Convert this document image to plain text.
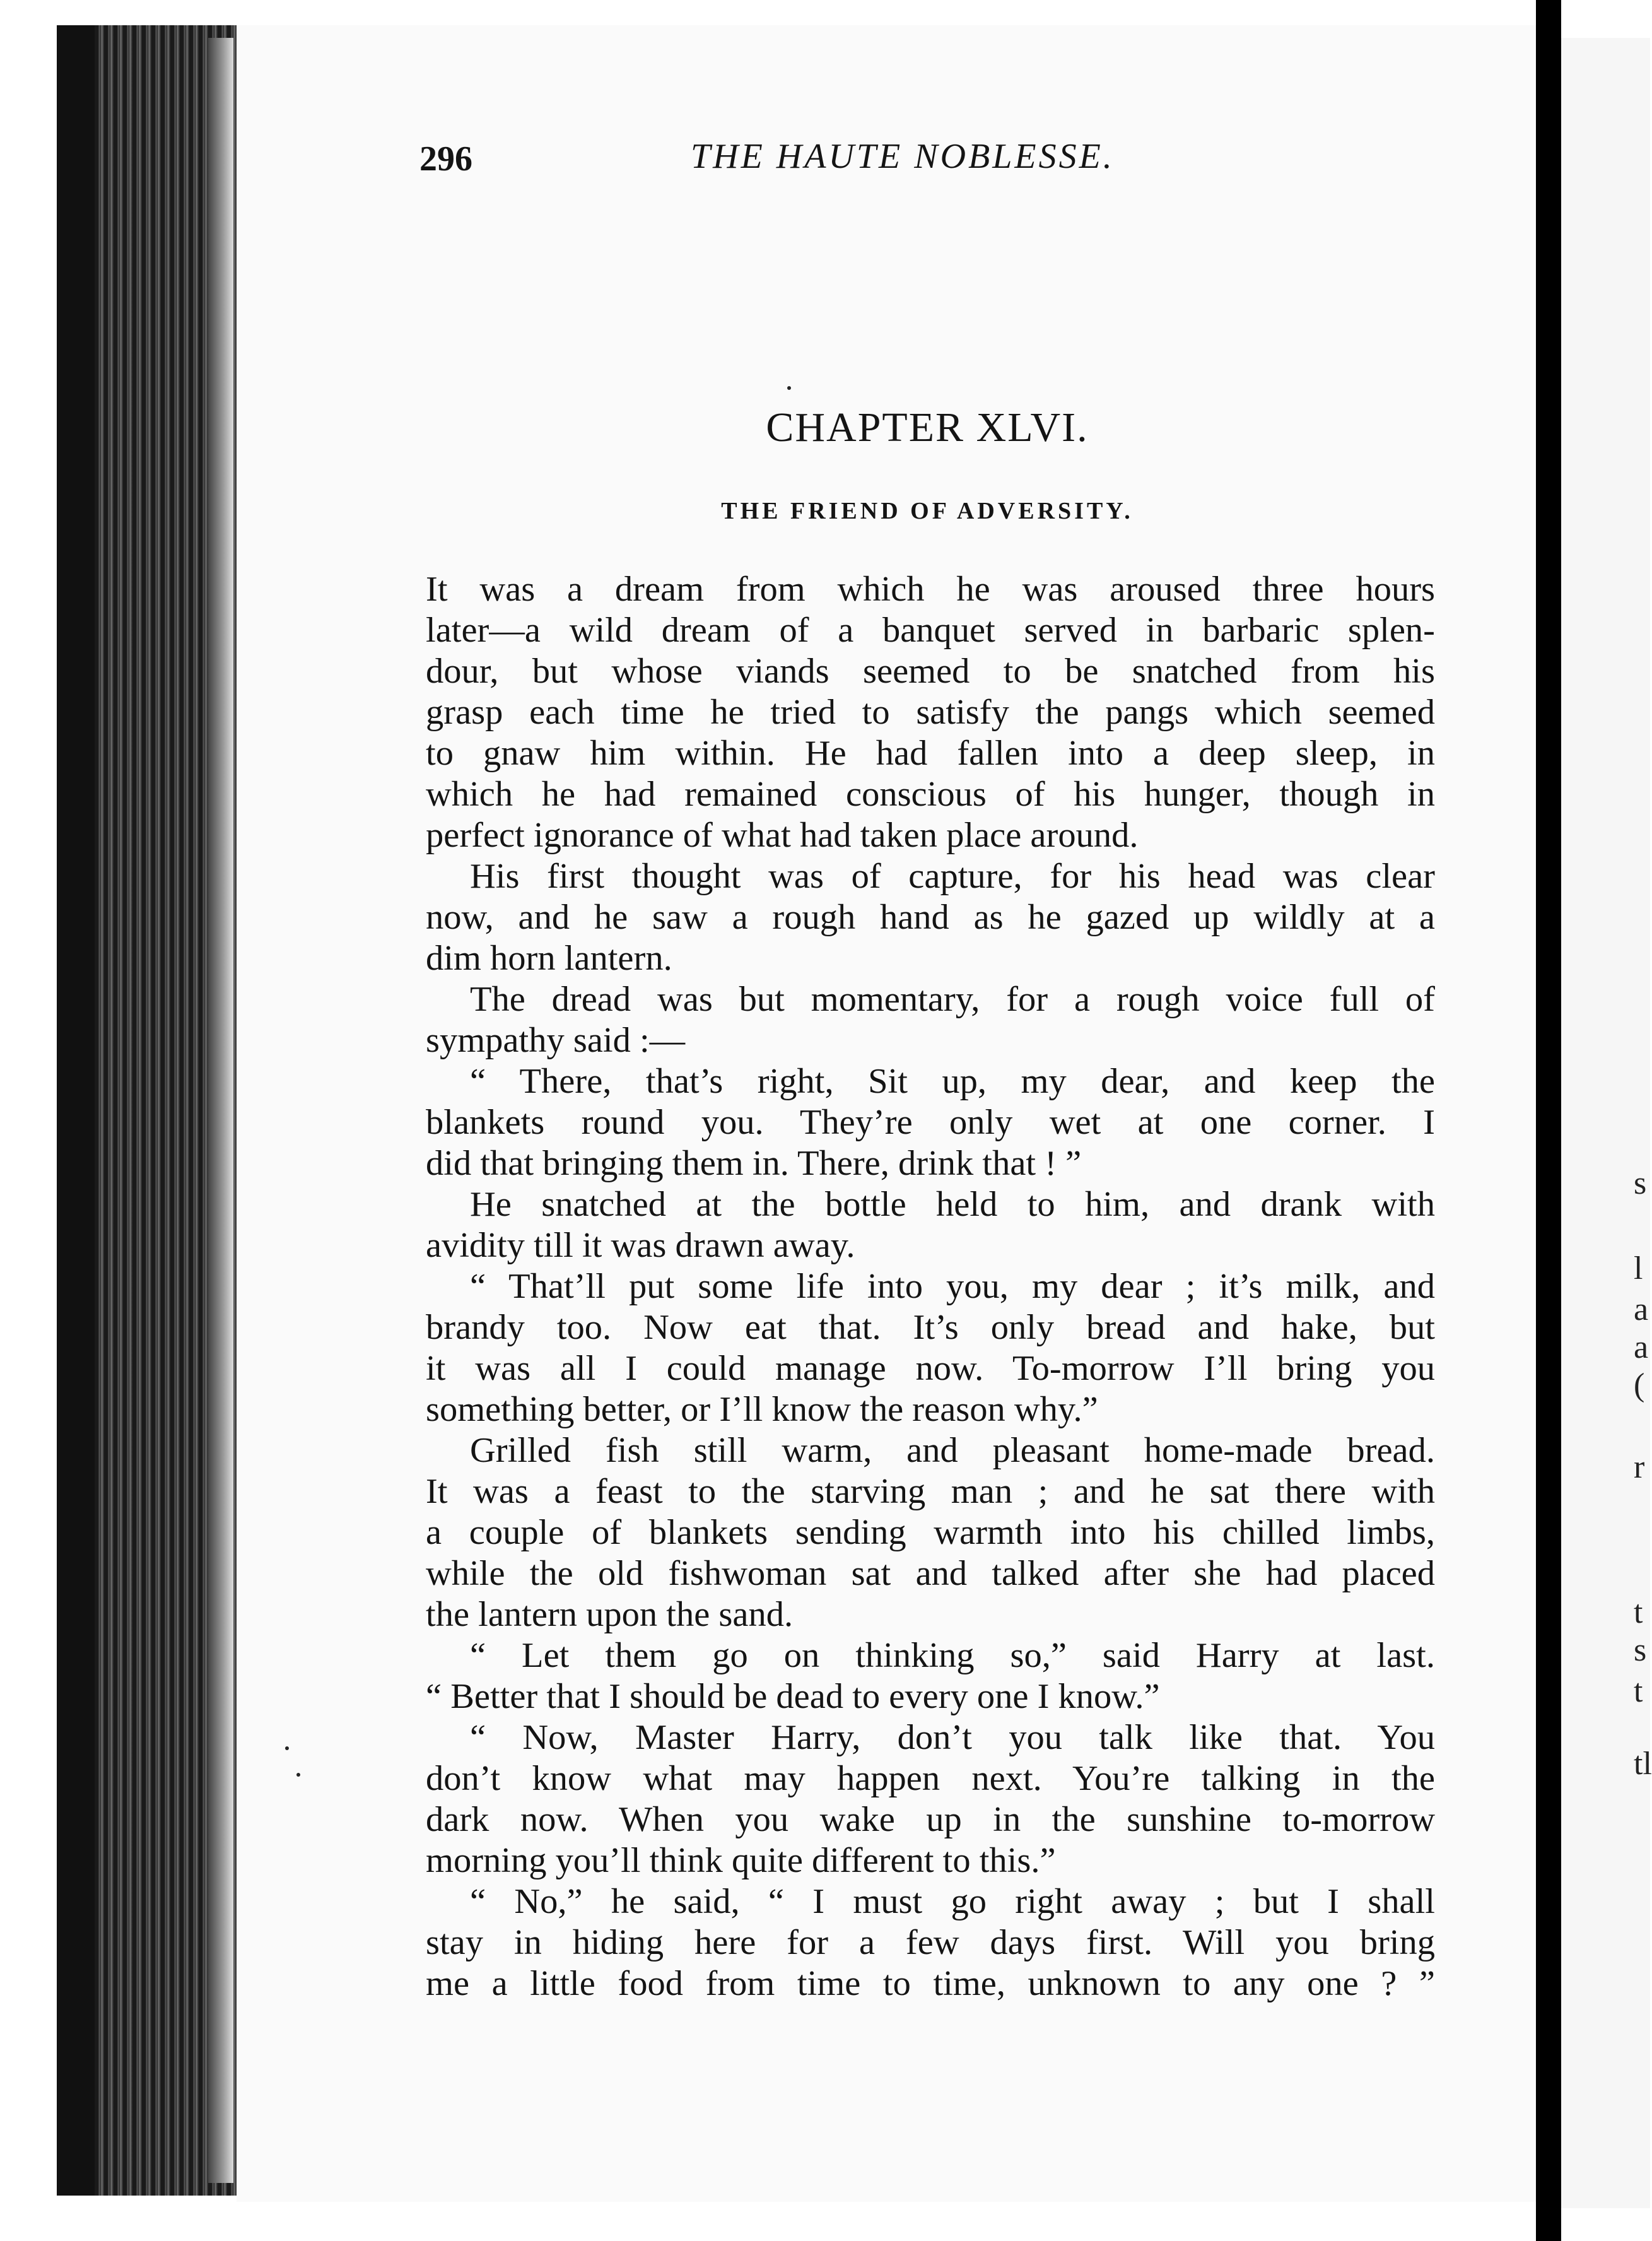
296	THE HAUTE NOBLESSE.
CHAPTER XLVI.
THE FRIEND OF ADVERSITY.
It was a dream from which he was aroused three hours
later—a wild dream of a banquet served in barbaric splen-
dour, but whose viands seemed to be snatched from his
grasp each time he tried to satisfy the pangs which seemed
to gnaw him within. He had fallen into a deep sleep, in
which he had remained conscious of his hunger, though in
perfect ignorance of what had taken place around.
His first thought was of capture, for his head was clear
now, and he saw a rough hand as he gazed up wildly at a
dim horn lantern.
The dread was but momentary, for a rough voice full of
sympathy said :—
“ There, that’s right, Sit up, my dear, and keep the
blankets round you. They’re only wet at one corner. I
did that bringing them in. There, drink that ! ”
He snatched at the bottle held to him, and drank with
avidity till it was drawn away.
“ That’ll put some life into you, my dear ; it’s milk, and
brandy too. Now eat that. It’s only bread and hake, but
it was all I could manage now. To-morrow I’ll bring you
something better, or I’ll know the reason why.”
Grilled fish still warm, and pleasant home-made bread.
It was a feast to the starving man ; and he sat there with
a couple of blankets sending warmth into his chilled limbs,
while the old fishwoman sat and talked after she had placed
the lantern upon the sand.
“ Let them go on thinking so,” said Harry at last.
“ Better that I should be dead to every one I know.”
“ Now, Master Harry, don’t you talk like that. You
don’t know what may happen next. You’re talking in the
dark now. When you wake up in the sunshine to-morrow
morning you’ll think quite different to this.”
“ No,” he said, “ I must go right away ; but I shall
stay in hiding here for a few days first. Will you bring
me a little food from time to time, unknown to any one ? ”
s
l
a
a
(
r
t
s
t
tl
